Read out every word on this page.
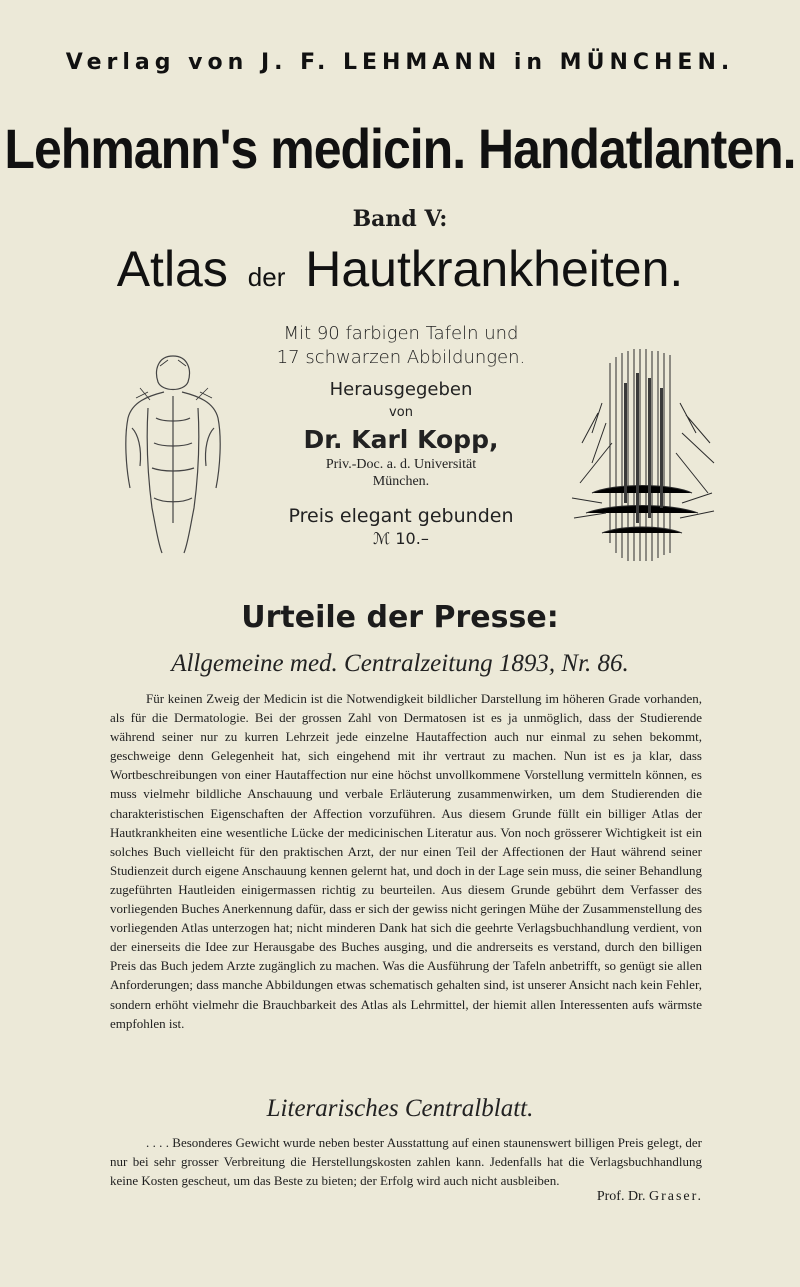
Verlag von J. F. LEHMANN in MÜNCHEN.
Lehmann's medicin. Handatlanten.
Band V:
Atlas der Hautkrankheiten.
Mit 90 farbigen Tafeln und
17 schwarzen Abbildungen.
Herausgegeben
von
Dr. Karl Kopp,
Priv.-Doc. a. d. Universität
München.
Preis elegant gebunden
ℳ 10.–
Urteile der Presse:
Allgemeine med. Centralzeitung 1893, Nr. 86.
Für keinen Zweig der Medicin ist die Notwendigkeit bildlicher Darstellung im höheren Grade vorhanden, als für die Dermatologie. Bei der grossen Zahl von Dermatosen ist es ja unmöglich, dass der Studierende während seiner nur zu kurren Lehrzeit jede einzelne Hautaffection auch nur einmal zu sehen bekommt, geschweige denn Gelegenheit hat, sich eingehend mit ihr vertraut zu machen. Nun ist es ja klar, dass Wortbeschreibungen von einer Hautaffection nur eine höchst unvollkommene Vorstellung vermitteln können, es muss vielmehr bildliche Anschauung und verbale Erläuterung zusammenwirken, um dem Studierenden die charakteristischen Eigenschaften der Affection vorzuführen. Aus diesem Grunde füllt ein billiger Atlas der Hautkrankheiten eine wesentliche Lücke der medicinischen Literatur aus. Von noch grösserer Wichtigkeit ist ein solches Buch vielleicht für den praktischen Arzt, der nur einen Teil der Affectionen der Haut während seiner Studienzeit durch eigene Anschauung kennen gelernt hat, und doch in der Lage sein muss, die seiner Behandlung zugeführten Hautleiden einigermassen richtig zu beurteilen. Aus diesem Grunde gebührt dem Verfasser des vorliegenden Buches Anerkennung dafür, dass er sich der gewiss nicht geringen Mühe der Zusammenstellung des vorliegenden Atlas unterzogen hat; nicht minderen Dank hat sich die geehrte Verlagsbuchhandlung verdient, von der einerseits die Idee zur Herausgabe des Buches ausging, und die andrerseits es verstand, durch den billigen Preis das Buch jedem Arzte zugänglich zu machen. Was die Ausführung der Tafeln anbetrifft, so genügt sie allen Anforderungen; dass manche Abbildungen etwas schematisch gehalten sind, ist unserer Ansicht nach kein Fehler, sondern erhöht vielmehr die Brauchbarkeit des Atlas als Lehrmittel, der hiemit allen Interessenten aufs wärmste empfohlen ist.
Literarisches Centralblatt.
. . . . Besonderes Gewicht wurde neben bester Ausstattung auf einen staunenswert billigen Preis gelegt, der nur bei sehr grosser Verbreitung die Herstellungskosten zahlen kann. Jedenfalls hat die Verlagsbuchhandlung keine Kosten gescheut, um das Beste zu bieten; der Erfolg wird auch nicht ausbleiben.
Prof. Dr. Graser.
